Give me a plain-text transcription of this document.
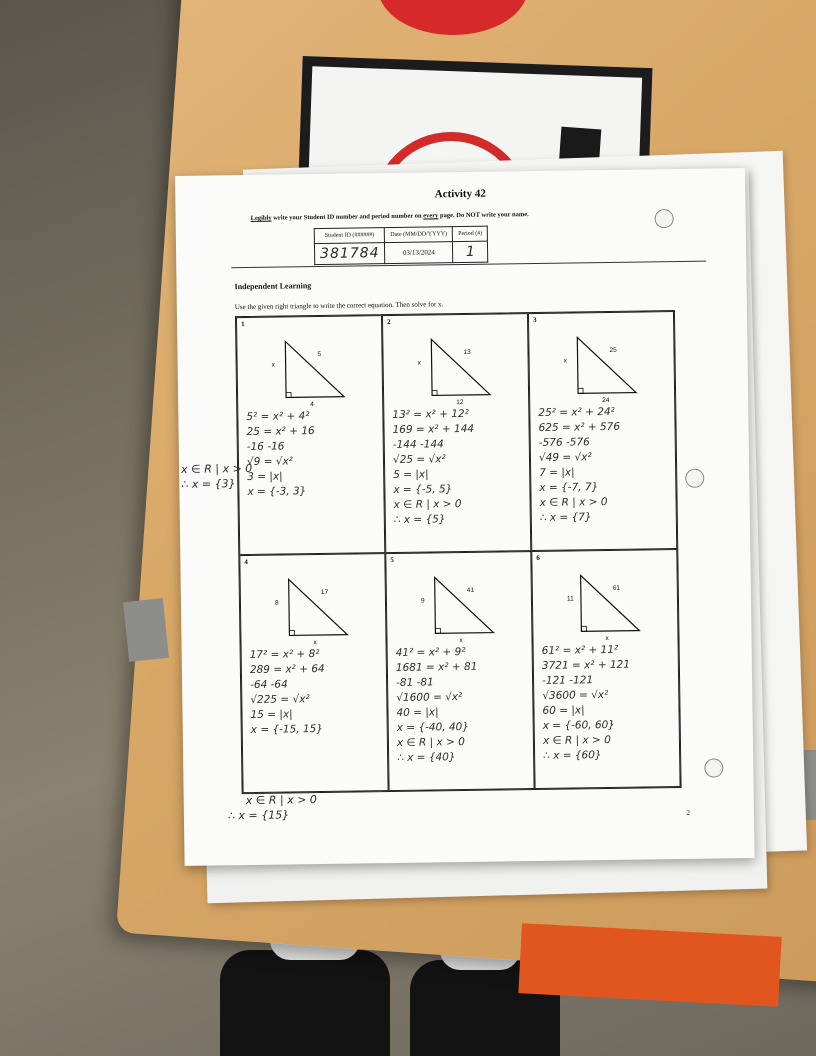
Activity 42
Legibly write your Student ID number and period number on every page. Do NOT write your name.
Student ID (######)	Date (MM/DD/YYYY)	Period (#)
381784	03/13/2024	1
Independent Learning
Use the given right triangle to write the correct equation. Then solve for x.
1
x
5
4
5² = x² + 4²
25 = x² + 16
-16 -16
√9 = √x²
3 = |x|
x = {-3, 3}
2
x
13
12
13² = x² + 12²
169 = x² + 144
-144 -144
√25 = √x²
5 = |x|
x = {-5, 5}
x ∈ R | x > 0
∴ x = {5}
3
x
25
24
25² = x² + 24²
625 = x² + 576
-576 -576
√49 = √x²
7 = |x|
x = {-7, 7}
x ∈ R | x > 0
∴ x = {7}
4
8
17
x
17² = x² + 8²
289 = x² + 64
-64 -64
√225 = √x²
15 = |x|
x = {-15, 15}
5
9
41
x
41² = x² + 9²
1681 = x² + 81
-81 -81
√1600 = √x²
40 = |x|
x = {-40, 40}
x ∈ R | x > 0
∴ x = {40}
6
11
61
x
61² = x² + 11²
3721 = x² + 121
-121 -121
√3600 = √x²
60 = |x|
x = {-60, 60}
x ∈ R | x > 0
∴ x = {60}
x ∈ R | x > 0
∴ x = {3}
x ∈ R | x > 0
∴ x = {15}	2
